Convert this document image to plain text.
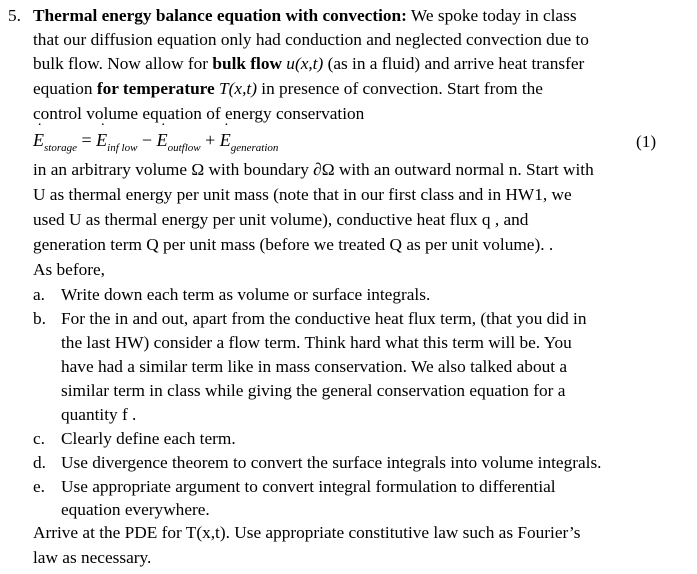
5. Thermal energy balance equation with convection: We spoke today in class
that our diffusion equation only had conduction and neglected convection due to
bulk flow. Now allow for bulk flow u(x,t) (as in a fluid) and arrive heat transfer
equation for temperature T(x,t) in presence of convection. Start from the
control volume equation of energy conservation
˙ $E_{storage}$ = ˙ $E_{inf low}$ − ˙ $E_{outflow}$ + ˙ $E_{generation}$	(1)
in an arbitrary volume Ω with boundary ∂Ω with an outward normal n. Start with
U as thermal energy per unit mass (note that in our first class and in HW1, we
used U as thermal energy per unit volume), conductive heat flux q , and
generation term Q per unit mass (before we treated Q as per unit volume). .
As before,
a. Write down each term as volume or surface integrals.
b. For the in and out, apart from the conductive heat flux term, (that you did in
the last HW) consider a flow term. Think hard what this term will be. You
have had a similar term like in mass conservation. We also talked about a
similar term in class while giving the general conservation equation for a
quantity f .
c. Clearly define each term.
d. Use divergence theorem to convert the surface integrals into volume integrals.
e. Use appropriate argument to convert integral formulation to differential
equation everywhere.
Arrive at the PDE for T(x,t). Use appropriate constitutive law such as Fourier’s
law as necessary.
